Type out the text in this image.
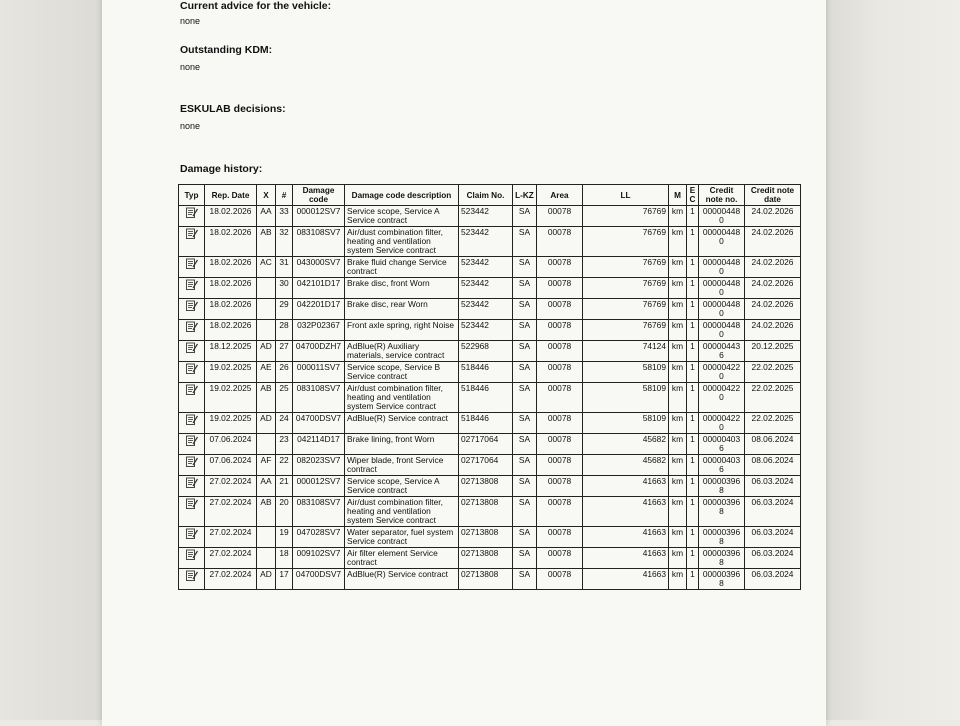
Current advice for the vehicle:
none
Outstanding KDM:
none
ESKULAB decisions:
none
Damage history:
Typ	Rep. Date	X	#	Damage code	Damage code description	Claim No.	L-KZ	Area	LL	M	E C	Credit note no.	Credit note date
	18.02.2026	AA	33	000012SV7	Service scope, Service A Service contract	523442	SA	00078	76769	km	1	000004480	24.02.2026
	18.02.2026	AB	32	083108SV7	Air/dust combination filter, heating and ventilation system Service contract	523442	SA	00078	76769	km	1	000004480	24.02.2026
	18.02.2026	AC	31	043000SV7	Brake fluid change Service contract	523442	SA	00078	76769	km	1	000004480	24.02.2026
	18.02.2026		30	042101D17	Brake disc, front Worn	523442	SA	00078	76769	km	1	000004480	24.02.2026
	18.02.2026		29	042201D17	Brake disc, rear Worn	523442	SA	00078	76769	km	1	000004480	24.02.2026
	18.02.2026		28	032P02367	Front axle spring, right Noise	523442	SA	00078	76769	km	1	000004480	24.02.2026
	18.12.2025	AD	27	04700DZH7	AdBlue(R) Auxiliary materials, service contract	522968	SA	00078	74124	km	1	000004436	20.12.2025
	19.02.2025	AE	26	000011SV7	Service scope, Service B Service contract	518446	SA	00078	58109	km	1	000004220	22.02.2025
	19.02.2025	AB	25	083108SV7	Air/dust combination filter, heating and ventilation system Service contract	518446	SA	00078	58109	km	1	000004220	22.02.2025
	19.02.2025	AD	24	04700DSV7	AdBlue(R) Service contract	518446	SA	00078	58109	km	1	000004220	22.02.2025
	07.06.2024		23	042114D17	Brake lining, front Worn	02717064	SA	00078	45682	km	1	000004036	08.06.2024
	07.06.2024	AF	22	082023SV7	Wiper blade, front Service contract	02717064	SA	00078	45682	km	1	000004036	08.06.2024
	27.02.2024	AA	21	000012SV7	Service scope, Service A Service contract	02713808	SA	00078	41663	km	1	000003968	06.03.2024
	27.02.2024	AB	20	083108SV7	Air/dust combination filter, heating and ventilation system Service contract	02713808	SA	00078	41663	km	1	000003968	06.03.2024
	27.02.2024		19	047028SV7	Water separator, fuel system Service contract	02713808	SA	00078	41663	km	1	000003968	06.03.2024
	27.02.2024		18	009102SV7	Air filter element Service contract	02713808	SA	00078	41663	km	1	000003968	06.03.2024
	27.02.2024	AD	17	04700DSV7	AdBlue(R) Service contract	02713808	SA	00078	41663	km	1	000003968	06.03.2024
